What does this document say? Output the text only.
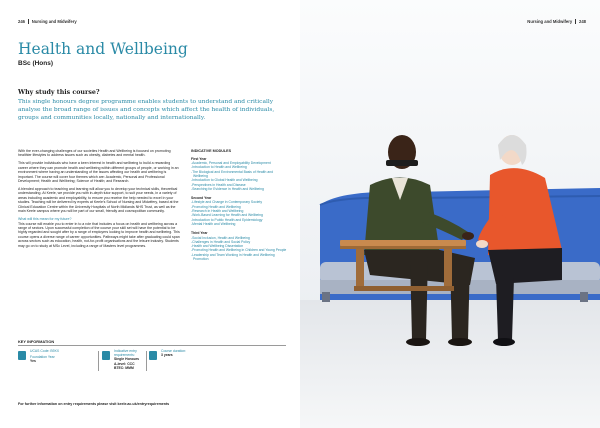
246 Nursing and Midwifery
Health and Wellbeing
BSc (Hons)
Why study this course?
This single honours degree programme enables students to understand and critically analyse the broad range of issues and concepts which affect the health of individuals, groups and communities locally, nationally and internationally.

With the ever-changing challenges of our societies Health and Wellbeing is focused on promoting healthier lifestyles to address issues such as obesity, diabetes and mental health.

This will provide individuals who have a keen interest in health and wellbeing to build a rewarding career where they can promote health and wellbeing within different groups of people, or working in an environment where having an understanding of the issues affecting our health and wellbeing is important. The course will cover four themes which are: Academic, Personal and Professional Development; Health and Wellbeing; Science of Health; and Research.

A blended approach to teaching and learning will allow you to develop your technical skills, theoretical understanding. At Keele, we provide you with in-depth tutor support, to suit your needs, in a variety of areas including academic and employability, to ensure you receive the help needed to excel in your studies. Teaching will be delivered by experts at Keele's School of Nursing and Midwifery, based at the Clinical Education Centre within the University Hospitals of North Midlands NHS Trust, as well as the main Keele campus where you will be part of our small, friendly and cosmopolitan community.

What will this mean for my future?

This course will enable you to enter in to a role that includes a focus on health and wellbeing across a range of sectors. Upon successful completion of the course your skill set will have the potential to be highly regarded and sought after by a range of employers looking to improve health and wellbeing. This course opens a diverse range of career opportunities. Pathways might take after graduating could span across sectors such as education, health, not-for-profit organisations and the leisure industry. Students may go on to study at MSc Level, including a range of Masters level programmes.

INDICATIVE MODULES
First Year
-Academic, Personal and Employability Development
-Introduction to Health and Wellbeing
-The Biological and Environmental Basis of Health and Wellbeing
-Introduction to Global Health and Wellbeing
-Perspectives in Health and Disease
-Searching for Evidence in Health and Wellbeing
Second Year
-Lifestyle and Change in Contemporary Society
-Promoting Health and Wellbeing
-Research in Health and Wellbeing
-Work-Based Learning for Health and Wellbeing
-Introduction to Public Health and Epidemiology
-Mental Health and Wellbeing
Third Year
-Social Inclusion, Health and Wellbeing
-Challenges in Health and Social Policy
-Health and Wellbeing Dissertation
-Promoting Health and Wellbeing in Children and Young People
-Leadership and Team Working in Health and Wellbeing Promotion
KEY INFORMATION
UCAS Code: B9XX
Foundation Year
Yes
Indicative entry requirements:
Single Honours
A-level: CCC
BTEC: MMM
Course duration:
3 years
For further information on entry requirements please visit keele.ac.uk/entryrequirements
Nursing and Midwifery 248
